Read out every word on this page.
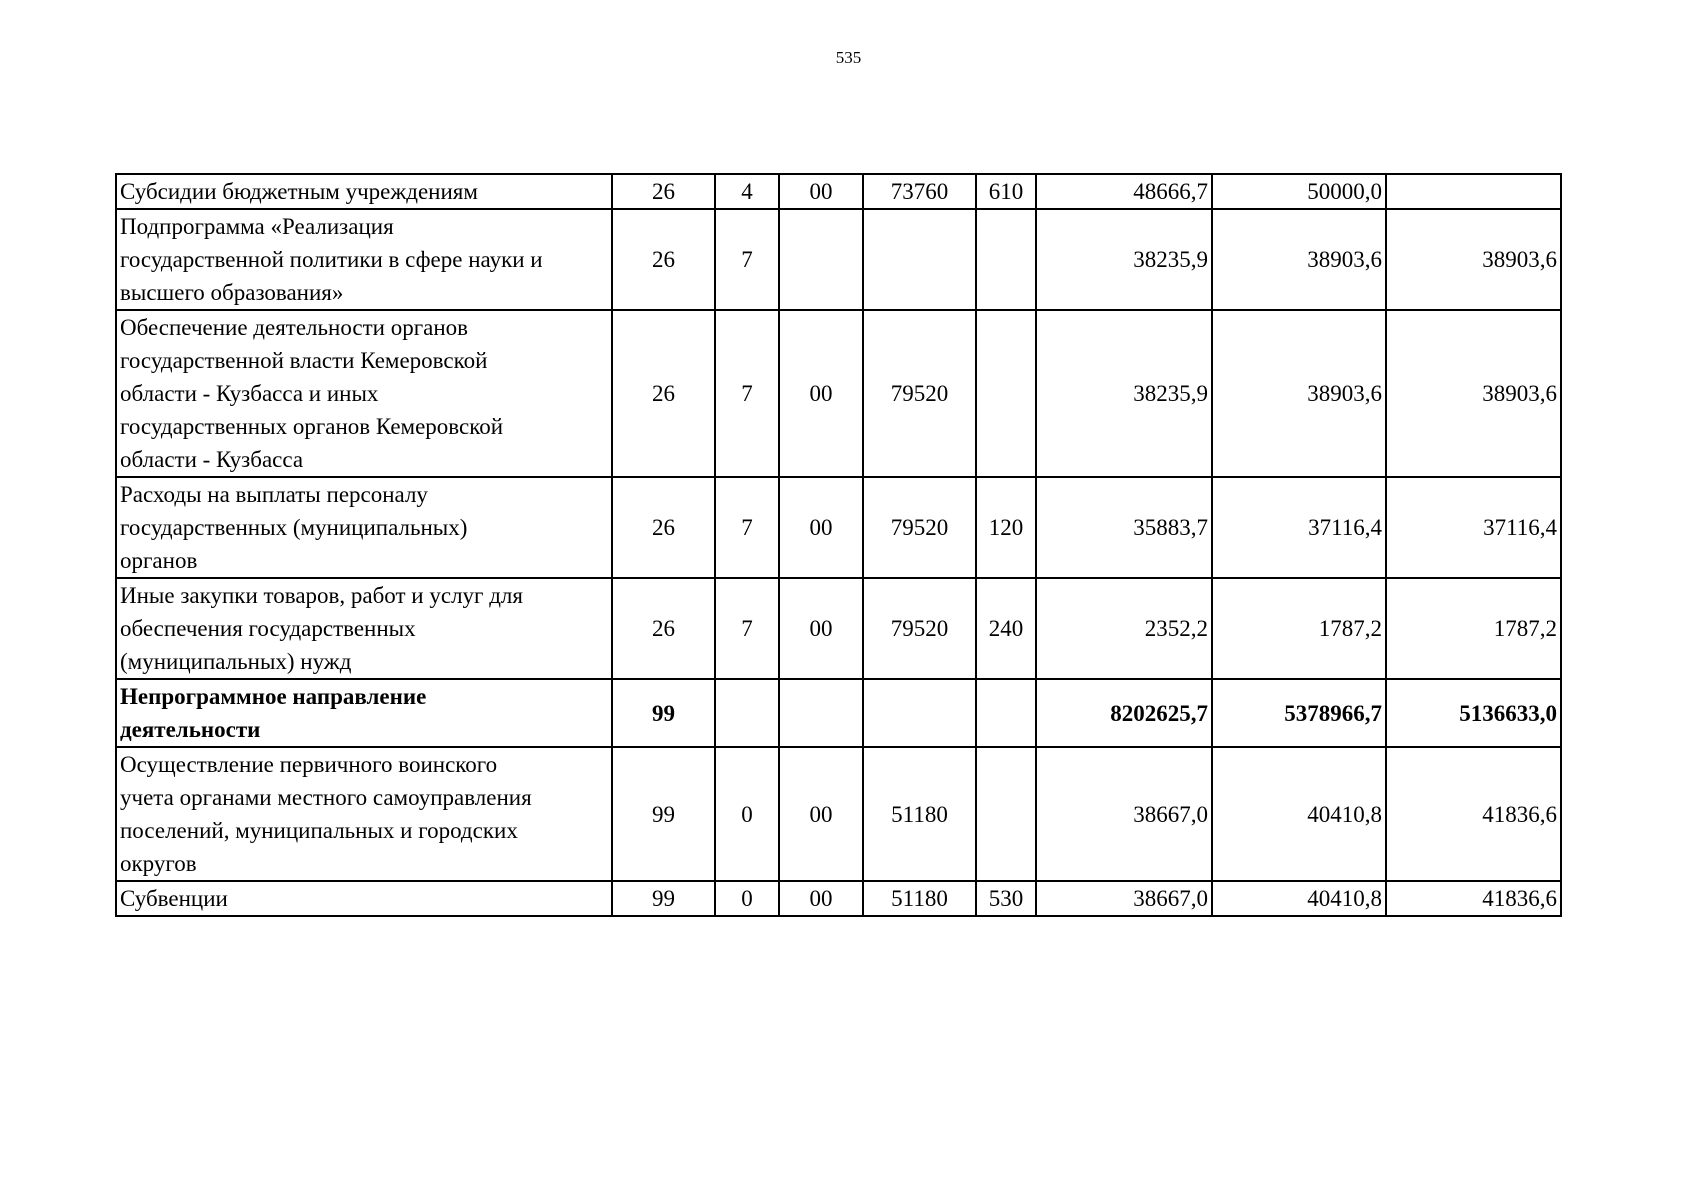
535
Субсидии бюджетным учреждениям	26	4	00	73760	610	48666,7	50000,0	
Подпрограмма «Реализация
государственной политики в сфере науки и
высшего образования»	26	7				38235,9	38903,6	38903,6
Обеспечение деятельности органов
государственной власти Кемеровской
области - Кузбасса и иных
государственных органов Кемеровской
области - Кузбасса	26	7	00	79520		38235,9	38903,6	38903,6
Расходы на выплаты персоналу
государственных (муниципальных)
органов	26	7	00	79520	120	35883,7	37116,4	37116,4
Иные закупки товаров, работ и услуг для
обеспечения государственных
(муниципальных) нужд	26	7	00	79520	240	2352,2	1787,2	1787,2
Непрограммное направление
деятельности	99					8202625,7	5378966,7	5136633,0
Осуществление первичного воинского
учета органами местного самоуправления
поселений, муниципальных и городских
округов	99	0	00	51180		38667,0	40410,8	41836,6
Субвенции	99	0	00	51180	530	38667,0	40410,8	41836,6
